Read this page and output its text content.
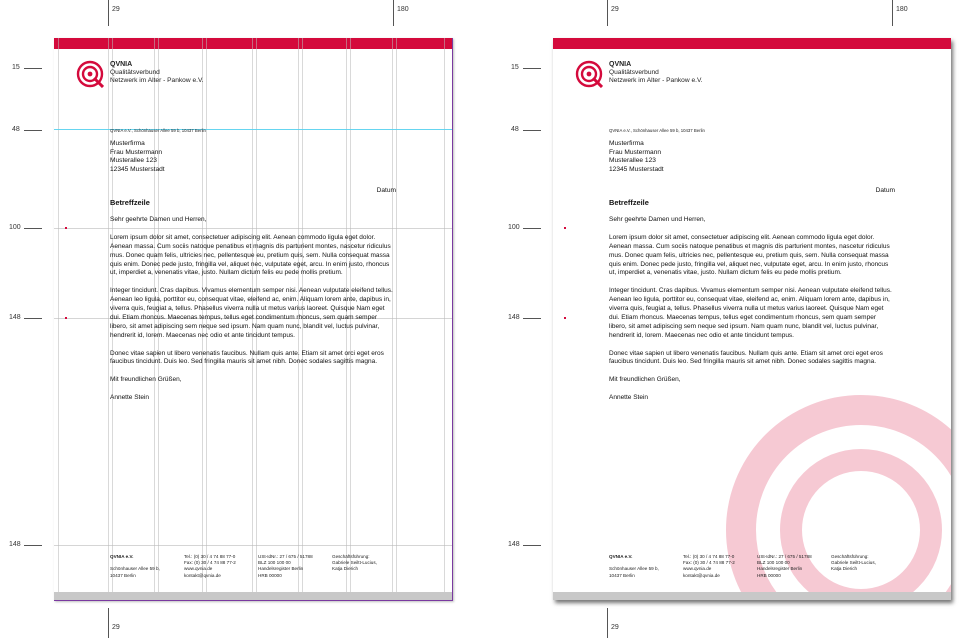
29	180	29	180
29	29
15
48
100
148
148
15
48
100
148
148
QVNIA
Qualitätsverbund
Netzwerk im Alter - Pankow e.V.
QVNIA e.V., Schönhauser Allee 59 b, 10437 Berlin
Musterfirma
Frau Mustermann
Musterallee 123
12345 Musterstadt
Datum
Betreffzeile

Sehr geehrte Damen und Herren,

Lorem ipsum dolor sit amet, consectetuer adipiscing elit. Aenean commodo ligula eget dolor. Aenean massa. Cum sociis natoque penatibus et magnis dis parturient montes, nascetur ridiculus mus. Donec quam felis, ultricies nec, pellentesque eu, pretium quis, sem. Nulla consequat massa quis enim. Donec pede justo, fringilla vel, aliquet nec, vulputate eget, arcu. In enim justo, rhoncus ut, imperdiet a, venenatis vitae, justo. Nullam dictum felis eu pede mollis pretium.

Integer tincidunt. Cras dapibus. Vivamus elementum semper nisi. Aenean vulputate eleifend tellus. Aenean leo ligula, porttitor eu, consequat vitae, eleifend ac, enim. Aliquam lorem ante, dapibus in, viverra quis, feugiat a, tellus. Phasellus viverra nulla ut metus varius laoreet. Quisque Nam eget dui. Etiam rhoncus. Maecenas tempus, tellus eget condimentum rhoncus, sem quam semper libero, sit amet adipiscing sem neque sed ipsum. Nam quam nunc, blandit vel, luctus pulvinar, hendrerit id, lorem. Maecenas nec odio et ante tincidunt tempus.

Donec vitae sapien ut libero venenatis faucibus. Nullam quis ante. Etiam sit amet orci eget eros faucibus tincidunt. Duis leo. Sed fringilla mauris sit amet nibh. Donec sodales sagittis magna.

Mit freundlichen Grüßen,

Annette Stein

QVNIA e.V.

Schönhauser Allee 59 b,
10437 Berlin
Tel.: (0) 30 / 4 74 88 77-0
Fax: (0) 30 / 4 74 88 77-2
www.qvnia.de
kontakt@qvnia.de
USt-IdNr.: 27 / 675 / 51788
BLZ 100 100 00
Handelsregister Berlin
HRB 00000
Geschäftsführung:
Gabriele Seiltt-Lucius,
Katja Dierich
QVNIA
Qualitätsverbund
Netzwerk im Alter - Pankow e.V.
QVNIA e.V., Schönhauser Allee 59 b, 10437 Berlin
Musterfirma
Frau Mustermann
Musterallee 123
12345 Musterstadt
Datum
Betreffzeile

Sehr geehrte Damen und Herren,

Lorem ipsum dolor sit amet, consectetuer adipiscing elit. Aenean commodo ligula eget dolor. Aenean massa. Cum sociis natoque penatibus et magnis dis parturient montes, nascetur ridiculus mus. Donec quam felis, ultricies nec, pellentesque eu, pretium quis, sem. Nulla consequat massa quis enim. Donec pede justo, fringilla vel, aliquet nec, vulputate eget, arcu. In enim justo, rhoncus ut, imperdiet a, venenatis vitae, justo. Nullam dictum felis eu pede mollis pretium.

Integer tincidunt. Cras dapibus. Vivamus elementum semper nisi. Aenean vulputate eleifend tellus. Aenean leo ligula, porttitor eu, consequat vitae, eleifend ac, enim. Aliquam lorem ante, dapibus in, viverra quis, feugiat a, tellus. Phasellus viverra nulla ut metus varius laoreet. Quisque Nam eget dui. Etiam rhoncus. Maecenas tempus, tellus eget condimentum rhoncus, sem quam semper libero, sit amet adipiscing sem neque sed ipsum. Nam quam nunc, blandit vel, luctus pulvinar, hendrerit id, lorem. Maecenas nec odio et ante tincidunt tempus.

Donec vitae sapien ut libero venenatis faucibus. Nullam quis ante. Etiam sit amet orci eget eros faucibus tincidunt. Duis leo. Sed fringilla mauris sit amet nibh. Donec sodales sagittis magna.

Mit freundlichen Grüßen,

Annette Stein

QVNIA e.V.

Schönhauser Allee 59 b,
10437 Berlin
Tel.: (0) 30 / 4 74 88 77-0
Fax: (0) 30 / 4 74 88 77-2
www.qvnia.de
kontakt@qvnia.de
USt-IdNr.: 27 / 675 / 51788
BLZ 100 100 00
Handelsregister Berlin
HRB 00000
Geschäftsführung:
Gabriele Seiltt-Lucius,
Katja Dierich
